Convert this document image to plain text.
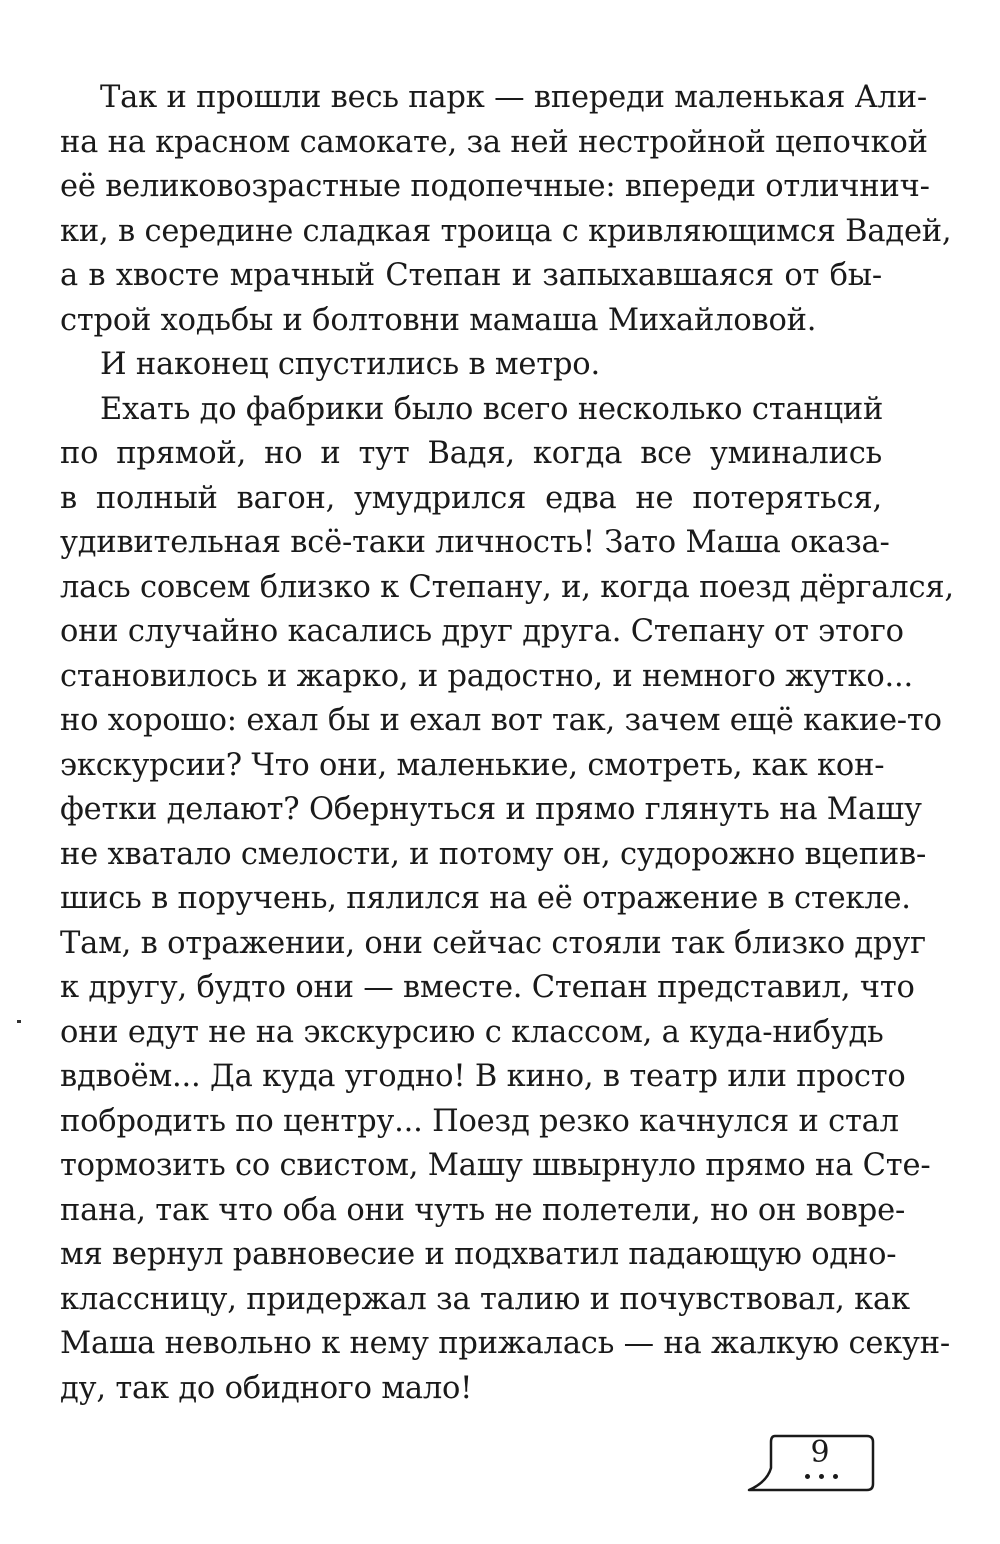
Так и прошли весь парк — впереди маленькая Али-
на на красном самокате, за ней нестройной цепочкой
её великовозрастные подопечные: впереди отличнич-
ки, в середине сладкая троица с кривляющимся Вадей,
а в хвосте мрачный Степан и запыхавшаяся от бы-
строй ходьбы и болтовни мамаша Михайловой.
И наконец спустились в метро.
Ехать до фабрики было всего несколько станций
по прямой, но и тут Вадя, когда все уминались
в полный вагон, умудрился едва не потеряться,
удивительная всё-таки личность! Зато Маша оказа-
лась совсем близко к Степану, и, когда поезд дёргался,
они случайно касались друг друга. Степану от этого
становилось и жарко, и радостно, и немного жутко...
но хорошо: ехал бы и ехал вот так, зачем ещё какие-то
экскурсии? Что они, маленькие, смотреть, как кон-
фетки делают? Обернуться и прямо глянуть на Машу
не хватало смелости, и потому он, судорожно вцепив-
шись в поручень, пялился на её отражение в стекле.
Там, в отражении, они сейчас стояли так близко друг
к другу, будто они — вместе. Степан представил, что
они едут не на экскурсию с классом, а куда-нибудь
вдвоём... Да куда угодно! В кино, в театр или просто
побродить по центру... Поезд резко качнулся и стал
тормозить со свистом, Машу швырнуло прямо на Сте-
пана, так что оба они чуть не полетели, но он вовре-
мя вернул равновесие и подхватил падающую одно-
классницу, придержал за талию и почувствовал, как
Маша невольно к нему прижалась — на жалкую секун-
ду, так до обидного мало!
9
